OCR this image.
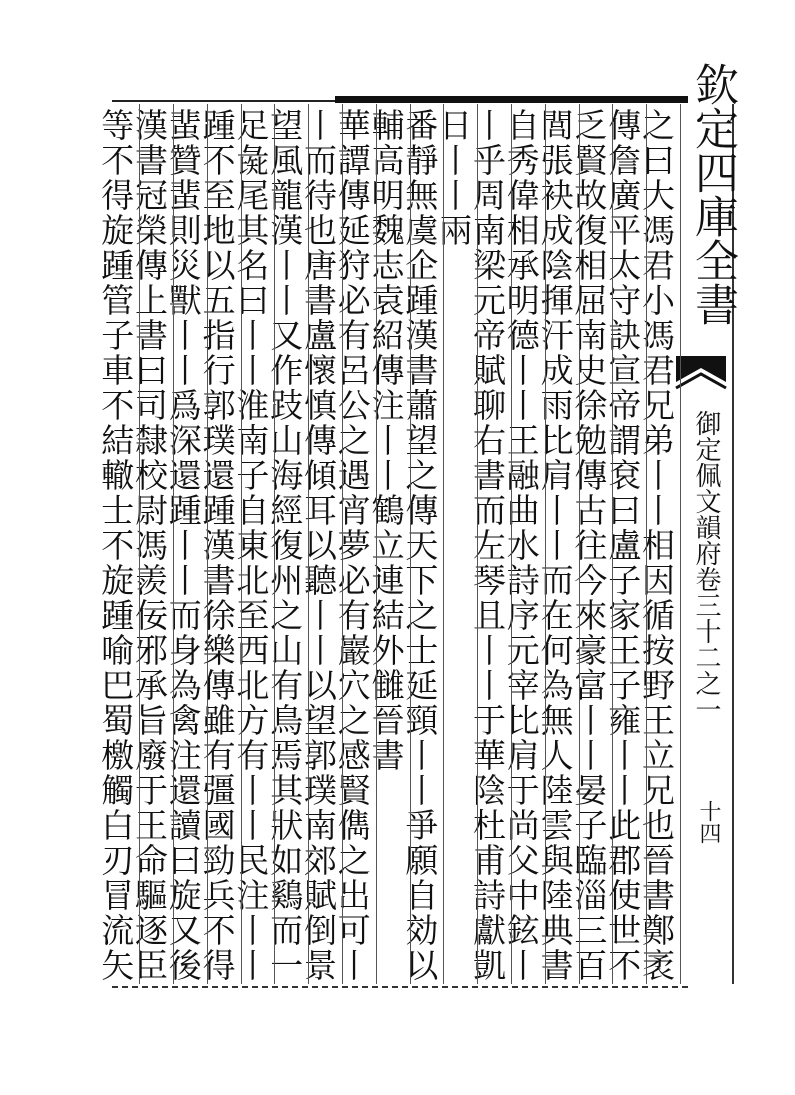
欽定四庫全書
御定佩文韻府卷三十二之一
十四
之曰大馮君小馮君兄弟丨丨相因循按野王立兄也晉書鄭袤
傳詹廣平太守訣宣帝謂袞曰盧子家王子雍丨丨此郡使世不
乏賢故復相屈南史徐勉傳古往今來豪富丨丨晏子臨淄三百
閭張袂成陰揮汗成雨比肩丨丨而在何為無人陸雲與陸典書
自秀偉相承明德丨丨王融曲水詩序元宰比肩于尚父中鉉丨
丨乎周南梁元帝賦聊右書而左琴且丨丨于華陰杜甫詩獻凱
日丨丨兩
番靜無虞企踵漢書蕭望之傳天下之士延頸丨丨爭願自効以
輔高明魏志袁紹傳注丨丨鶴立連結外雠晉書
華譚傳延狩必有呂公之遇宵夢必有巖穴之感賢儁之出可丨
丨而待也唐書盧懷慎傳傾耳以聽丨丨以望郭璞南郊賦倒景
望風龍漢丨丨又作跂山海經復州之山有鳥焉其狀如鷄而一
足彘尾其名曰丨丨淮南子自東北至西北方有丨丨民注丨丨
踵不至地以五指行郭璞還踵漢書徐樂傳雖有彊國勁兵不得
蜚贊蜚則災獸丨丨爲深還踵丨丨而身為禽注還讀曰旋又後
漢書冠榮傳上書曰司隸校尉馮羨佞邪承旨廢于王命驅逐臣
等不得旋踵管子車不結轍士不旋踵喻巴蜀檄觸白刃冒流矢
